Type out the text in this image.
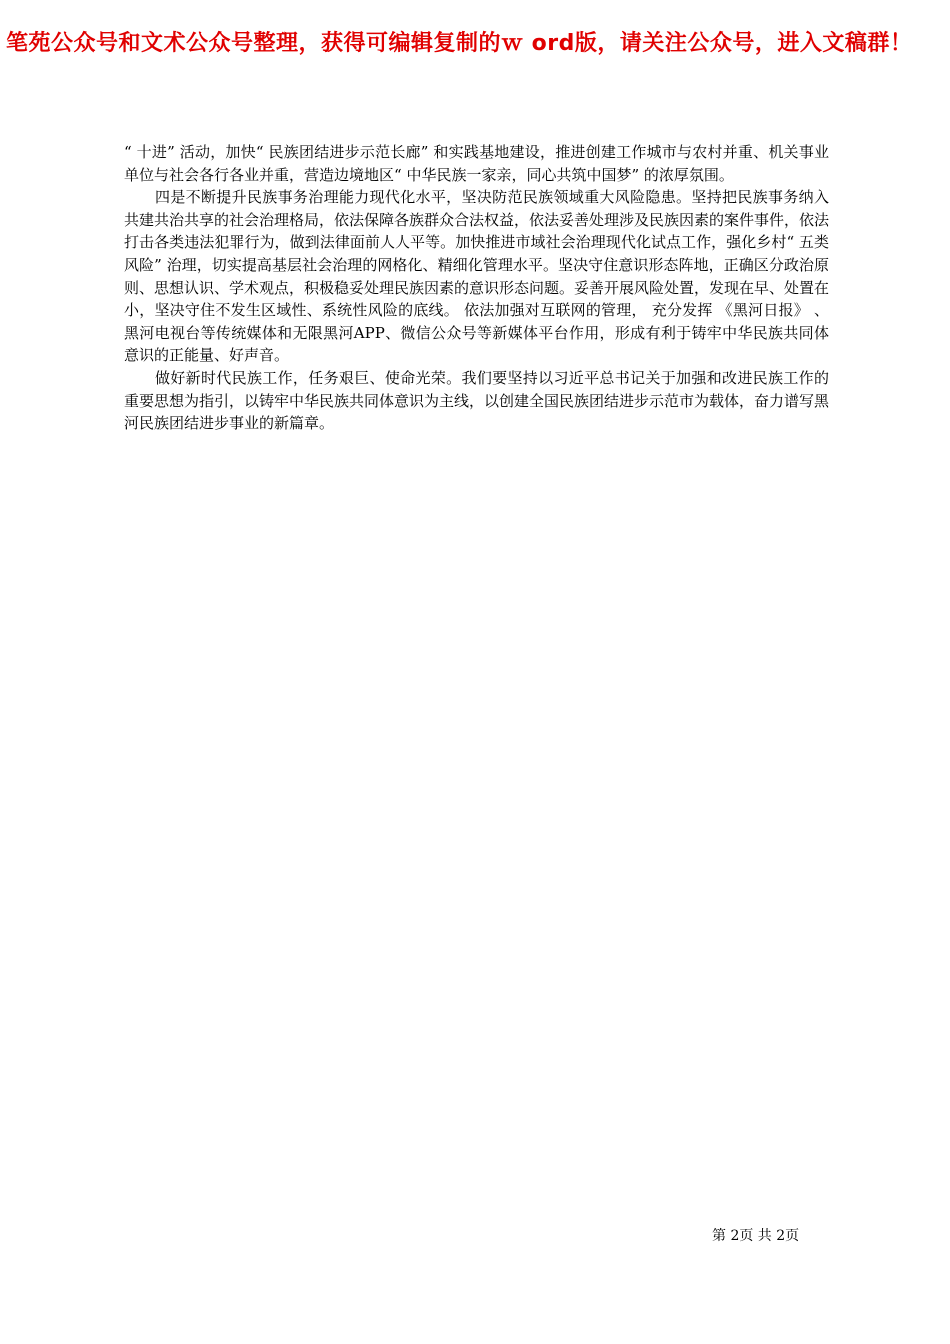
笔苑公众号和文术公众号整理，获得可编辑复制的ｗ ord版，请关注公众号，进入文稿群！

“ 十进” 活动，加快“ 民族团结进步示范长廊” 和实践基地建设，推进创建工作城市与农村并重、机关事业单位与社会各行各业并重，营造边境地区“ 中华民族一家亲，同心共筑中国梦” 的浓厚氛围。

四是不断提升民族事务治理能力现代化水平，坚决防范民族领域重大风险隐患。坚持把民族事务纳入共建共治共享的社会治理格局，依法保障各族群众合法权益，依法妥善处理涉及民族因素的案件事件，依法打击各类违法犯罪行为，做到法律面前人人平等。加快推进市域社会治理现代化试点工作，强化乡村“ 五类风险” 治理，切实提高基层社会治理的网格化、精细化管理水平。坚决守住意识形态阵地，正确区分政治原则、思想认识、学术观点，积极稳妥处理民族因素的意识形态问题。妥善开展风险处置，发现在早、处置在小，坚决守住不发生区域性、系统性风险的底线。 依法加强对互联网的管理， 充分发挥 《黑河日报》 、 黑河电视台等传统媒体和无限黑河APP、微信公众号等新媒体平台作用，形成有利于铸牢中华民族共同体意识的正能量、好声音。

做好新时代民族工作，任务艰巨、使命光荣。我们要坚持以习近平总书记关于加强和改进民族工作的重要思想为指引，以铸牢中华民族共同体意识为主线，以创建全国民族团结进步示范市为载体，奋力谱写黑河民族团结进步事业的新篇章。

第 2页 共 2页
